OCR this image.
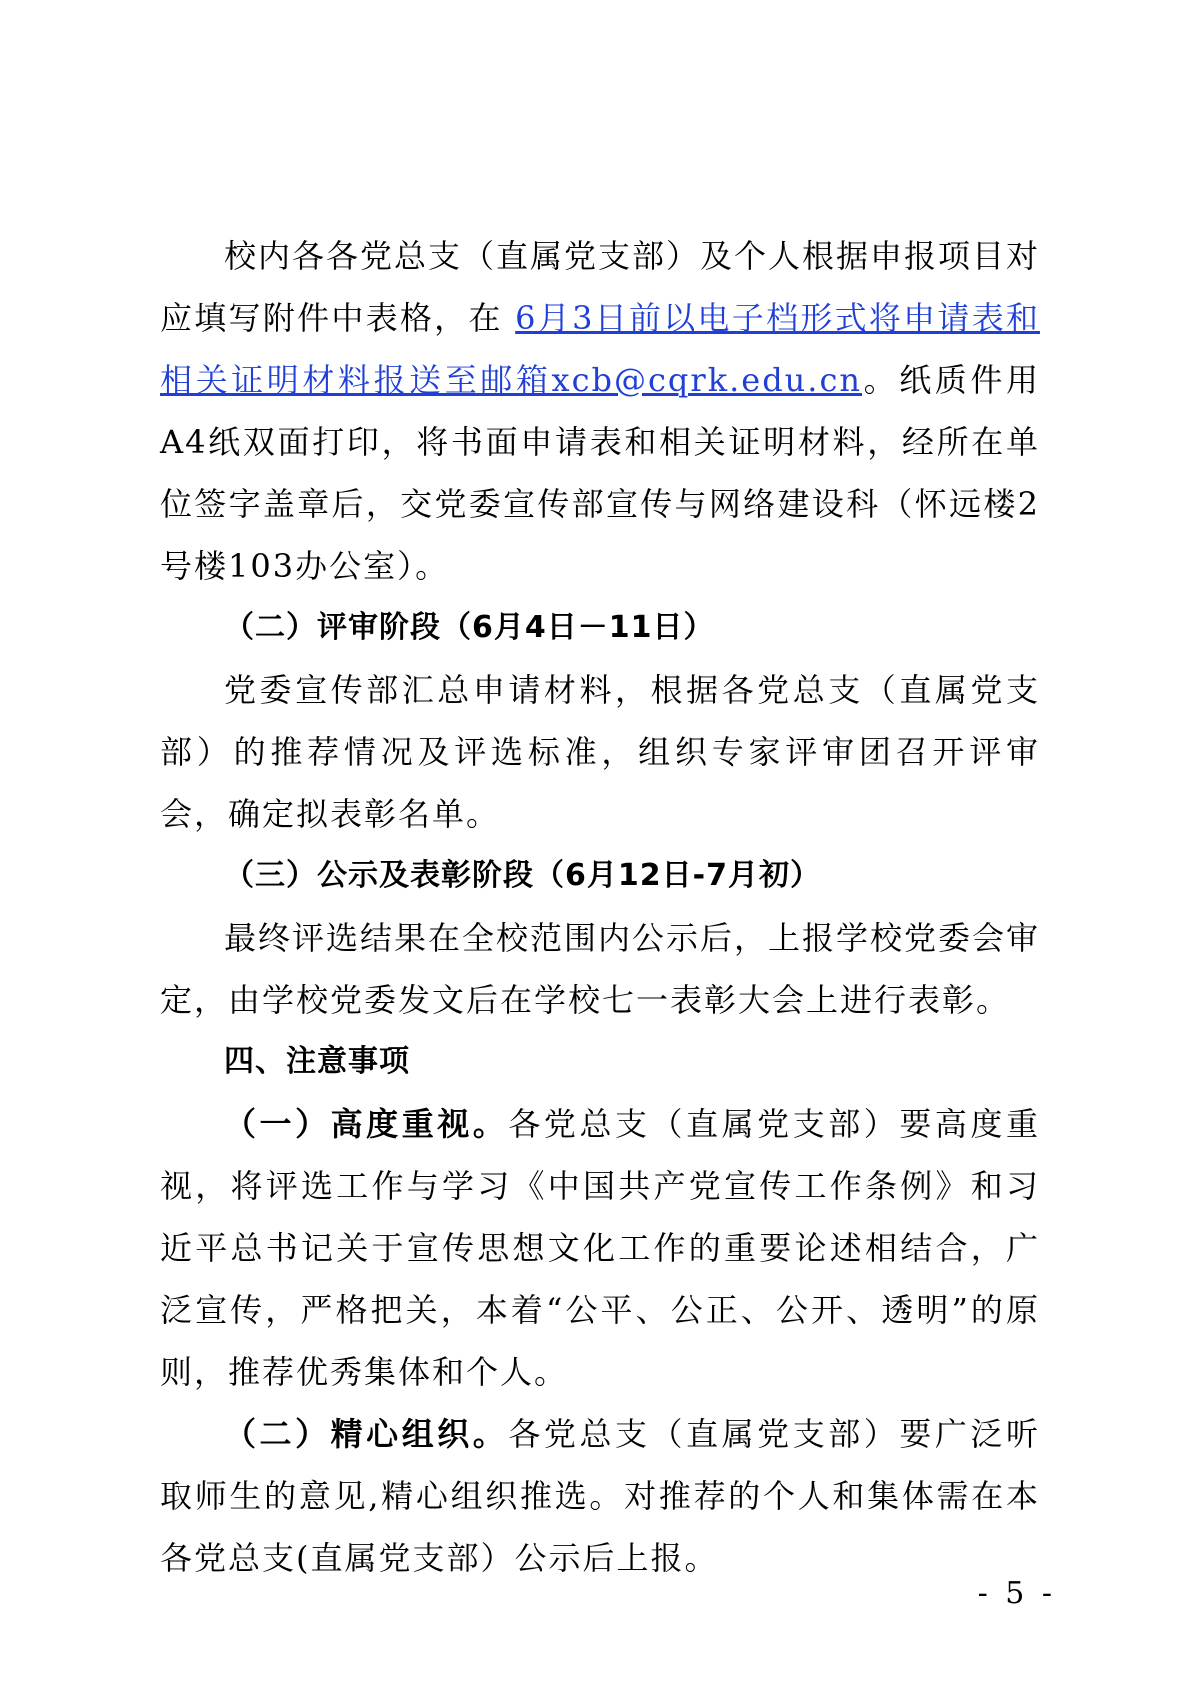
校内各各党总支（直属党支部）及个人根据申报项目对应填写附件中表格，在 6月3日前以电子档形式将申请表和相关证明材料报送至邮箱xcb@cqrk.edu.cn。纸质件用A4纸双面打印，将书面申请表和相关证明材料，经所在单位签字盖章后，交党委宣传部宣传与网络建设科（怀远楼2号楼103办公室）。

（二）评审阶段（6月4日－11日）

党委宣传部汇总申请材料，根据各党总支（直属党支部）的推荐情况及评选标准，组织专家评审团召开评审会，确定拟表彰名单。

（三）公示及表彰阶段（6月12日-7月初）

最终评选结果在全校范围内公示后，上报学校党委会审定，由学校党委发文后在学校七一表彰大会上进行表彰。

四、注意事项

（一）高度重视。各党总支（直属党支部）要高度重视，将评选工作与学习《中国共产党宣传工作条例》和习近平总书记关于宣传思想文化工作的重要论述相结合，广泛宣传，严格把关，本着“公平、公正、公开、透明”的原则，推荐优秀集体和个人。

（二）精心组织。各党总支（直属党支部）要广泛听取师生的意见,精心组织推选。对推荐的个人和集体需在本各党总支(直属党支部）公示后上报。

- 5 -
